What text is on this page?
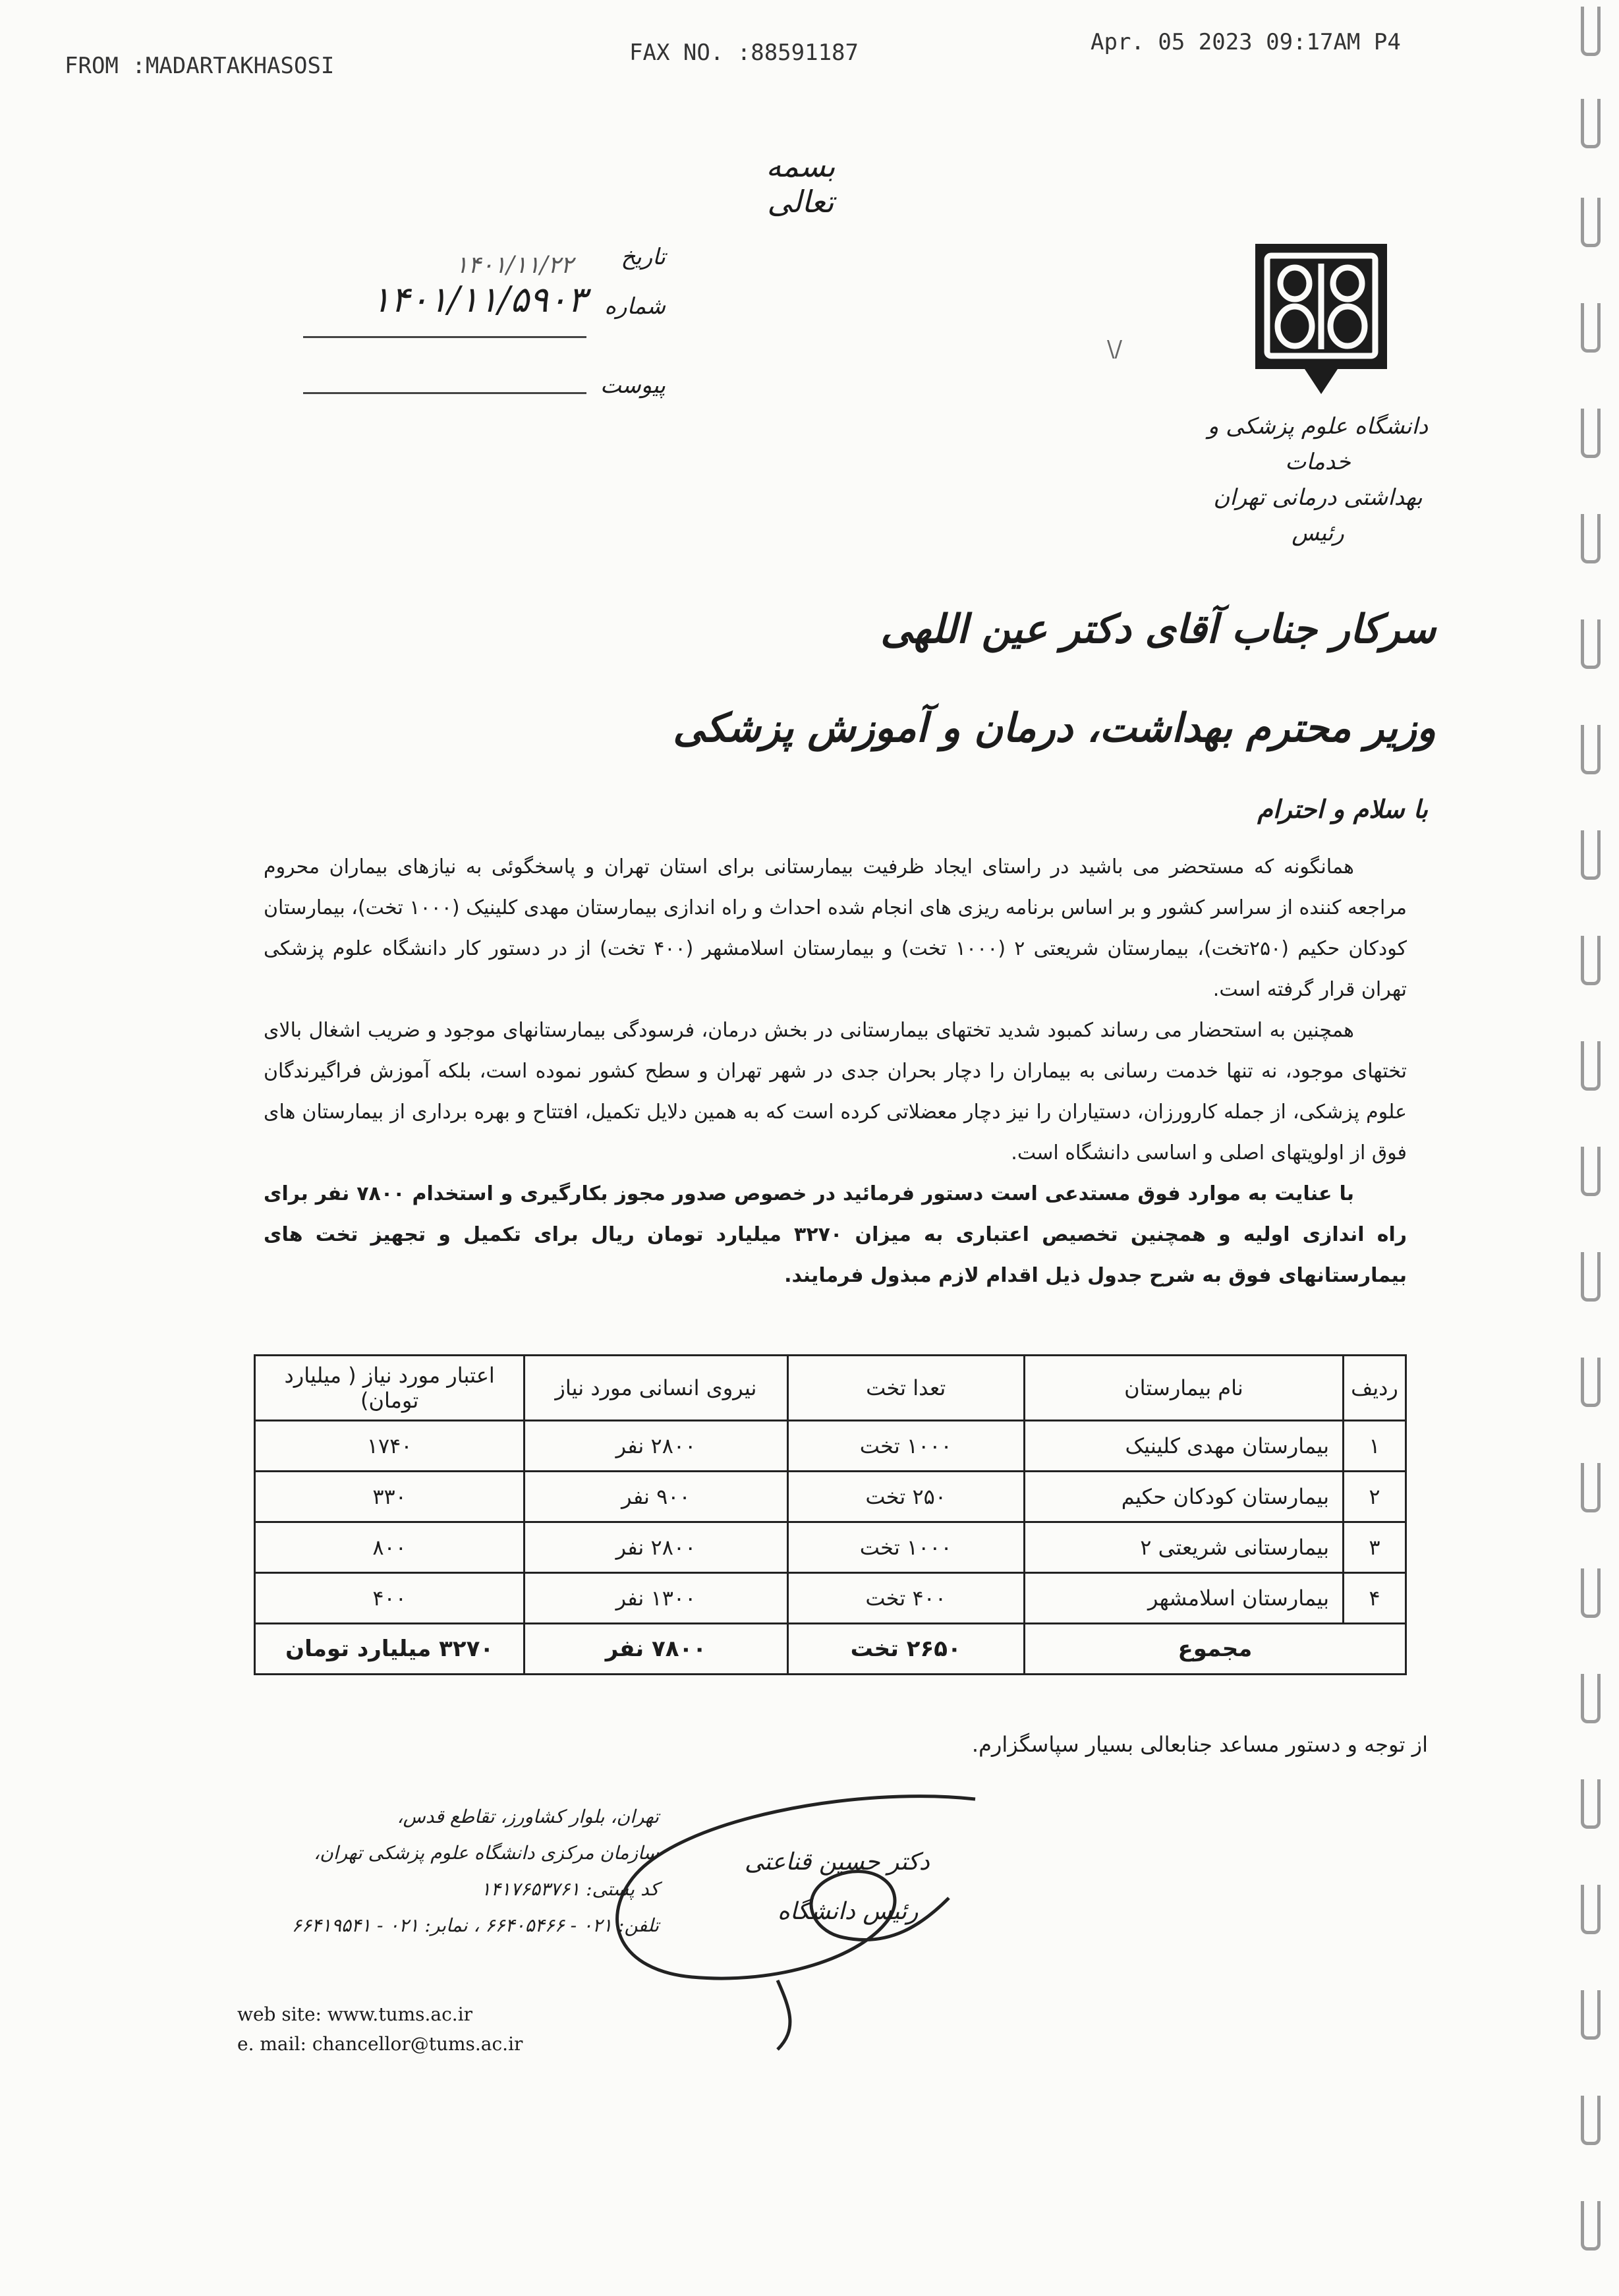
FROM :MADARTAKHASOSI	FAX NO. :88591187	Apr. 05 2023 09:17AM P4
بسمه تعالی
تاریخ
۱۴۰۱/۱۱/۲۲
شماره
۱۴۰۱/۱۱/۵۹۰۳
پیوست
\/
دانشگاه علوم پزشکی و خدمات
بهداشتی درمانی تهران
رئیس
سرکار جناب آقای دکتر عین اللهی
وزیر محترم بهداشت، درمان و آموزش پزشکی
با سلام و احترام

همانگونه که مستحضر می باشید در راستای ایجاد ظرفیت بیمارستانی برای استان تهران و پاسخگوئی به نیازهای بیماران محروم مراجعه کننده از سراسر کشور و بر اساس برنامه ریزی های انجام شده احداث و راه اندازی بیمارستان مهدی کلینیک (۱۰۰۰ تخت)، بیمارستان کودکان حکیم (۲۵۰تخت)، بیمارستان شریعتی ۲ (۱۰۰۰ تخت) و بیمارستان اسلامشهر (۴۰۰ تخت) از در دستور کار دانشگاه علوم پزشکی تهران قرار گرفته است.

همچنین به استحضار می رساند کمبود شدید تختهای بیمارستانی در بخش درمان، فرسودگی بیمارستانهای موجود و ضریب اشغال بالای تختهای موجود، نه تنها خدمت رسانی به بیماران را دچار بحران جدی در شهر تهران و سطح کشور نموده است، بلکه آموزش فراگیرندگان علوم پزشکی، از جمله کارورزان، دستیاران را نیز دچار معضلاتی کرده است که به همین دلایل تکمیل، افتتاح و بهره برداری از بیمارستان های فوق از اولویتهای اصلی و اساسی دانشگاه است.

با عنایت به موارد فوق مستدعی است دستور فرمائید در خصوص صدور مجوز بکارگیری و استخدام ۷۸۰۰ نفر برای راه اندازی اولیه و همچنین تخصیص اعتباری به میزان ۳۲۷۰ میلیارد تومان ریال برای تکمیل و تجهیز تخت های بیمارستانهای فوق به شرح جدول ذیل اقدام لازم مبذول فرمایند.

ردیف	نام بیمارستان	تعدا تخت	نیروی انسانی مورد نیاز	اعتبار مورد نیاز ( میلیارد تومان)
۱	بیمارستان مهدی کلینیک	۱۰۰۰ تخت	۲۸۰۰ نفر	۱۷۴۰
۲	بیمارستان کودکان حکیم	۲۵۰ تخت	۹۰۰ نفر	۳۳۰
۳	بیمارستانی شریعتی ۲	۱۰۰۰ تخت	۲۸۰۰ نفر	۸۰۰
۴	بیمارستان اسلامشهر	۴۰۰ تخت	۱۳۰۰ نفر	۴۰۰
مجموع		۲۶۵۰ تخت	۷۸۰۰ نفر	۳۲۷۰ میلیارد تومان
از توجه و دستور مساعد جنابعالی بسیار سپاسگزارم.
دکتر حسین قناعتی
رئیس دانشگاه
تهران، بلوار کشاورز، تقاطع قدس،
سازمان مرکزی دانشگاه علوم پزشکی تهران،
کد پستی: ۱۴۱۷۶۵۳۷۶۱
تلفن: ۰۲۱ - ۶۶۴۰۵۴۶۶ ، نمابر: ۰۲۱ - ۶۶۴۱۹۵۴۱
web site: www.tums.ac.ir
e. mail: chancellor@tums.ac.ir
